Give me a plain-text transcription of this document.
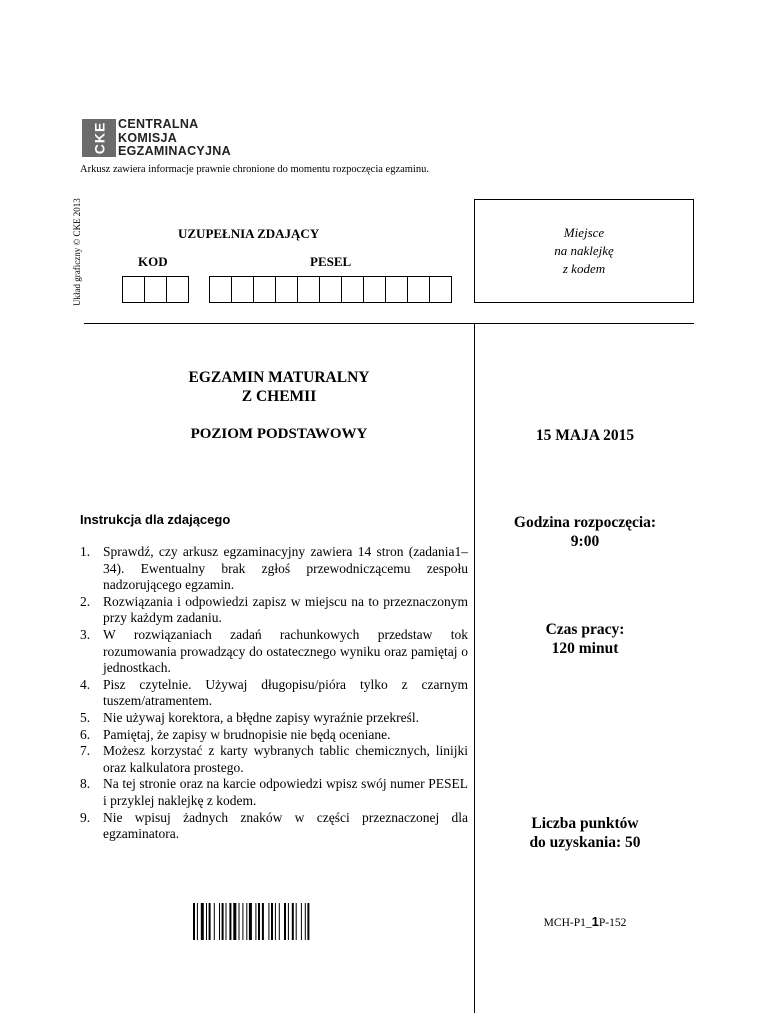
CKE CENTRALNA
KOMISJA
EGZAMINACYJNA
Arkusz zawiera informacje prawnie chronione do momentu rozpoczęcia egzaminu.
Układ graficzny © CKE 2013	UZUPEŁNIA ZDAJĄCY
KOD	PESEL
Miejsce
na naklejkę
z kodem
EGZAMIN MATURALNY
Z CHEMII
POZIOM PODSTAWOWY	15 MAJA 2015
Instrukcja dla zdającego
1. Sprawdź, czy arkusz egzaminacyjny zawiera 14 stron (zadania1–34). Ewentualny brak zgłoś przewodniczącemu zespołu nadzorującego egzamin.
2. Rozwiązania i odpowiedzi zapisz w miejscu na to przeznaczonym przy każdym zadaniu.
3. W rozwiązaniach zadań rachunkowych przedstaw tok rozumowania prowadzący do ostatecznego wyniku oraz pamiętaj o jednostkach.
4. Pisz czytelnie. Używaj długopisu/pióra tylko z czarnym tuszem/atramentem.
5. Nie używaj korektora, a błędne zapisy wyraźnie przekreśl.
6. Pamiętaj, że zapisy w brudnopisie nie będą oceniane.
7. Możesz korzystać z karty wybranych tablic chemicznych, linijki oraz kalkulatora prostego.
8. Na tej stronie oraz na karcie odpowiedzi wpisz swój numer PESEL i przyklej naklejkę z kodem.
9. Nie wpisuj żadnych znaków w części przeznaczonej dla egzaminatora.
Godzina rozpoczęcia:
9:00
Czas pracy:
120 minut
Liczba punktów
do uzyskania: 50
MCH-P1_1P-152
